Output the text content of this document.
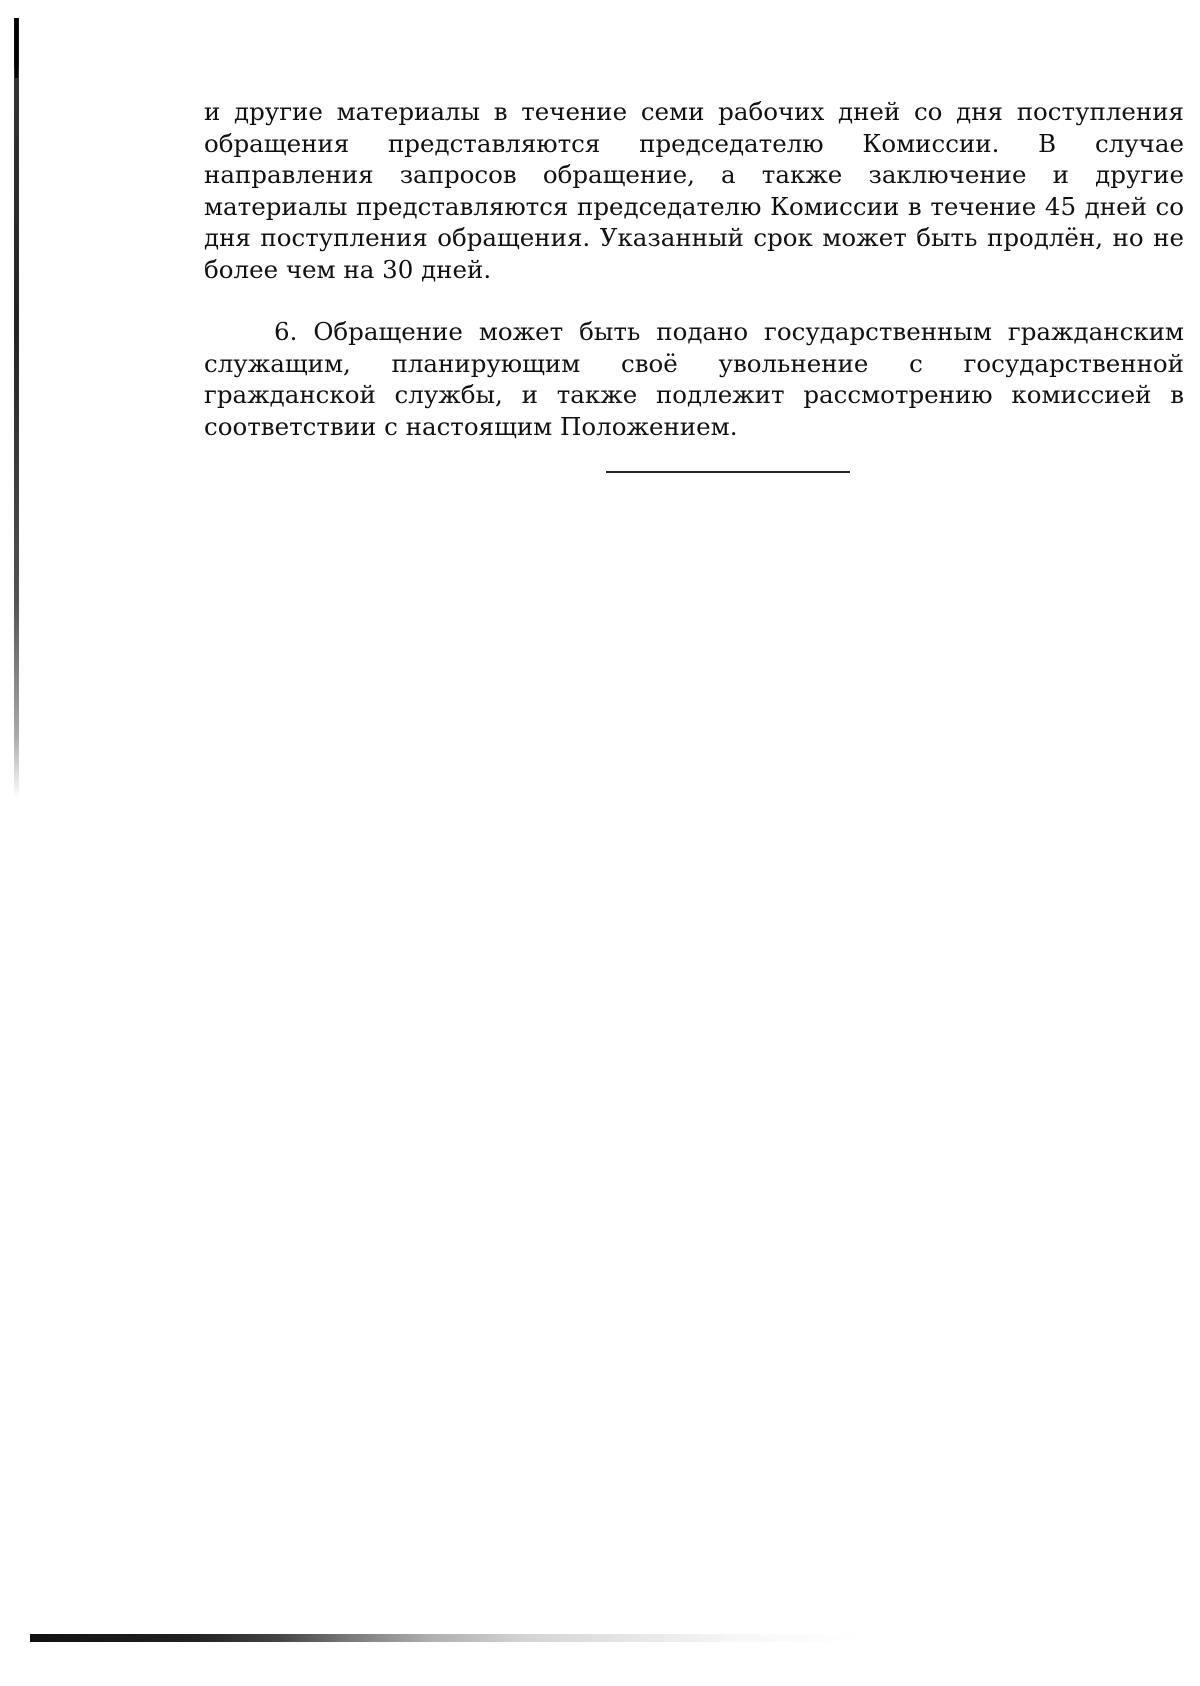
и другие материалы в течение семи рабочих дней со дня поступления обращения представляются председателю Комиссии. В случае направления запросов обращение, а также заключение и другие материалы представляются председателю Комиссии в течение 45 дней со дня поступления обращения. Указанный срок может быть продлён, но не более чем на 30 дней.

6. Обращение может быть подано государственным гражданским служащим, планирующим своё увольнение с государственной гражданской службы, и также подлежит рассмотрению комиссией в соответствии с настоящим Положением.
